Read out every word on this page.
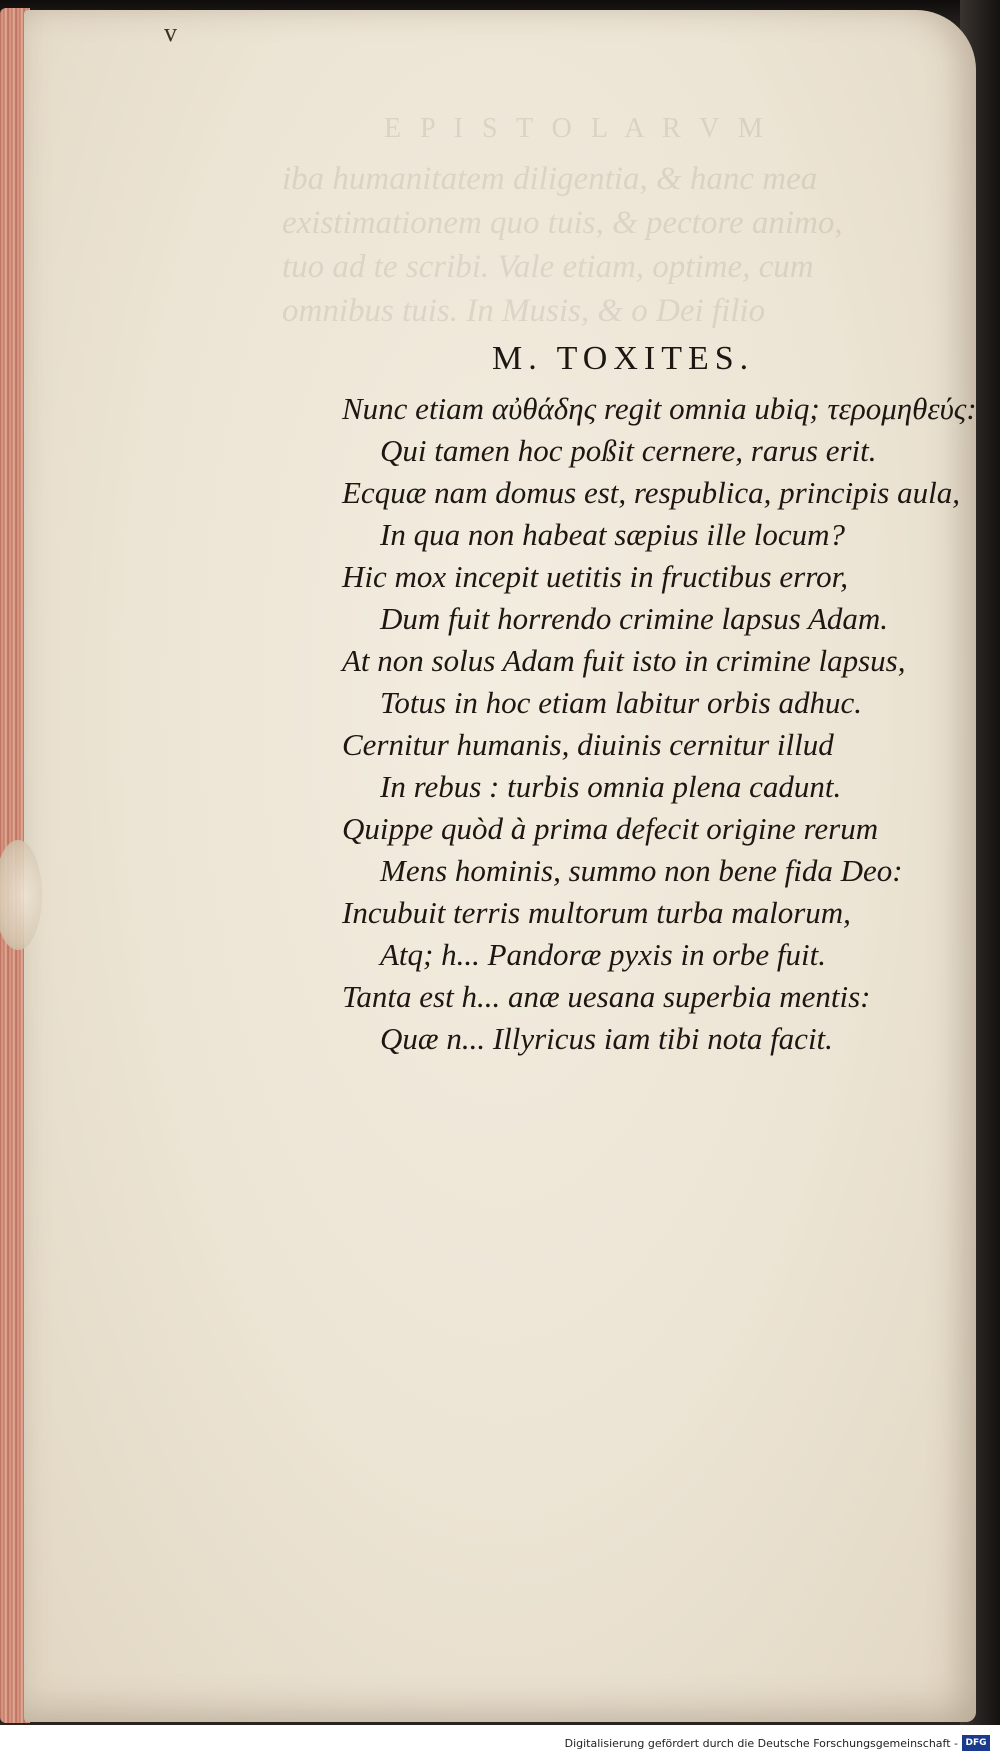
v
E P I S T O L A R V M
iba humanitatem diligentia, & hanc mea
existimationem quo tuis, & pectore animo,
tuo ad te scribi. Vale etiam, optime, cum
omnibus tuis. In Musis, & o Dei filio
M. TOXITES.

Nunc etiam αὐθάδης regit omnia ubiq; τερομηθεύς:

Qui tamen hoc poßit cernere, rarus erit.

Ecquæ nam domus est, respublica, principis aula,

In qua non habeat sæpius ille locum?

Hic mox incepit uetitis in fructibus error,

Dum fuit horrendo crimine lapsus Adam.

At non solus Adam fuit isto in crimine lapsus,

Totus in hoc etiam labitur orbis adhuc.

Cernitur humanis, diuinis cernitur illud

In rebus : turbis omnia plena cadunt.

Quippe quòd à prima defecit origine rerum

Mens hominis, summo non bene fida Deo:

Incubuit terris multorum turba malorum,

Atq; h... Pandoræ pyxis in orbe fuit.

Tanta est h... anæ uesana superbia mentis:

Quæ n... Illyricus iam tibi nota facit.

Digitalisierung gefördert durch die Deutsche Forschungsgemeinschaft - DFG
